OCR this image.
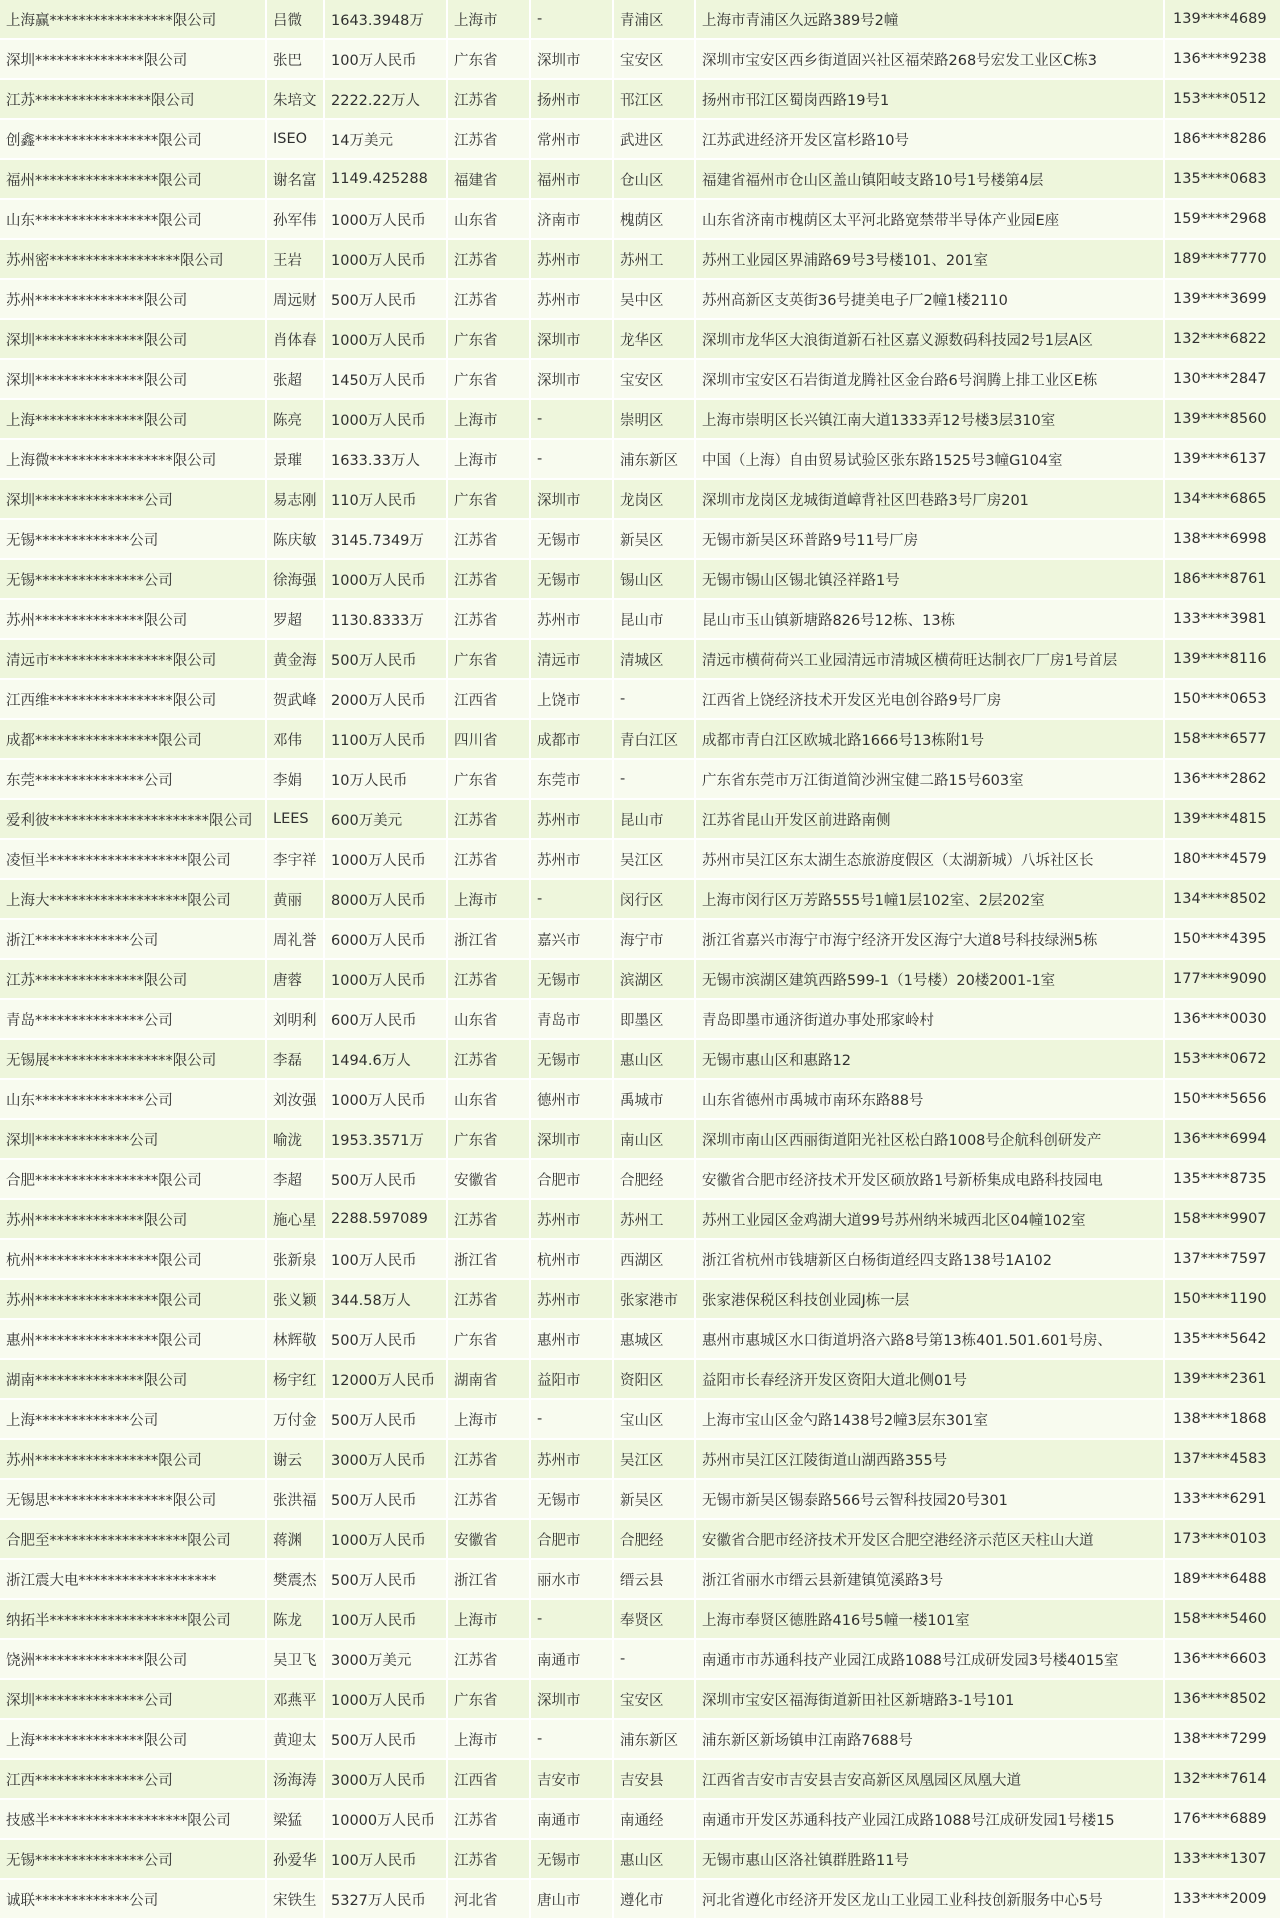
上海赢*****************限公司	吕微	1643.3948万	上海市	-	青浦区	上海市青浦区久远路389号2幢	139****4689
深圳***************限公司	张巴	100万人民币	广东省	深圳市	宝安区	深圳市宝安区西乡街道固兴社区福荣路268号宏发工业区C栋3	136****9238
江苏****************限公司	朱培文	2222.22万人	江苏省	扬州市	邗江区	扬州市邗江区蜀岗西路19号1	153****0512
创鑫*****************限公司	ISEO	14万美元	江苏省	常州市	武进区	江苏武进经济开发区富杉路10号	186****8286
福州*****************限公司	谢名富	1149.425288	福建省	福州市	仓山区	福建省福州市仓山区盖山镇阳岐支路10号1号楼第4层	135****0683
山东*****************限公司	孙军伟	1000万人民币	山东省	济南市	槐荫区	山东省济南市槐荫区太平河北路宽禁带半导体产业园E座	159****2968
苏州密******************限公司	王岩	1000万人民币	江苏省	苏州市	苏州工	苏州工业园区界浦路69号3号楼101、201室	189****7770
苏州***************限公司	周远财	500万人民币	江苏省	苏州市	吴中区	苏州高新区支英街36号捷美电子厂2幢1楼2110	139****3699
深圳***************限公司	肖体春	1000万人民币	广东省	深圳市	龙华区	深圳市龙华区大浪街道新石社区嘉义源数码科技园2号1层A区	132****6822
深圳***************限公司	张超	1450万人民币	广东省	深圳市	宝安区	深圳市宝安区石岩街道龙腾社区金台路6号润腾上排工业区E栋	130****2847
上海***************限公司	陈亮	1000万人民币	上海市	-	崇明区	上海市崇明区长兴镇江南大道1333弄12号楼3层310室	139****8560
上海微*****************限公司	景璀	1633.33万人	上海市	-	浦东新区	中国（上海）自由贸易试验区张东路1525号3幢G104室	139****6137
深圳***************公司	易志刚	110万人民币	广东省	深圳市	龙岗区	深圳市龙岗区龙城街道嶂背社区凹巷路3号厂房201	134****6865
无锡*************公司	陈庆敏	3145.7349万	江苏省	无锡市	新吴区	无锡市新吴区环普路9号11号厂房	138****6998
无锡***************公司	徐海强	1000万人民币	江苏省	无锡市	锡山区	无锡市锡山区锡北镇泾祥路1号	186****8761
苏州***************限公司	罗超	1130.8333万	江苏省	苏州市	昆山市	昆山市玉山镇新塘路826号12栋、13栋	133****3981
清远市*****************限公司	黄金海	500万人民币	广东省	清远市	清城区	清远市横荷荷兴工业园清远市清城区横荷旺达制衣厂厂房1号首层	139****8116
江西维*****************限公司	贺武峰	2000万人民币	江西省	上饶市	-	江西省上饶经济技术开发区光电创谷路9号厂房	150****0653
成都*****************限公司	邓伟	1100万人民币	四川省	成都市	青白江区	成都市青白江区欧城北路1666号13栋附1号	158****6577
东莞***************公司	李娟	10万人民币	广东省	东莞市	-	广东省东莞市万江街道简沙洲宝健二路15号603室	136****2862
爱利彼**********************限公司	LEES	600万美元	江苏省	苏州市	昆山市	江苏省昆山开发区前进路南侧	139****4815
凌恒半*******************限公司	李宇祥	1000万人民币	江苏省	苏州市	吴江区	苏州市吴江区东太湖生态旅游度假区（太湖新城）八坼社区长	180****4579
上海大*******************限公司	黄丽	8000万人民币	上海市	-	闵行区	上海市闵行区万芳路555号1幢1层102室、2层202室	134****8502
浙江*************公司	周礼誉	6000万人民币	浙江省	嘉兴市	海宁市	浙江省嘉兴市海宁市海宁经济开发区海宁大道8号科技绿洲5栋	150****4395
江苏***************限公司	唐蓉	1000万人民币	江苏省	无锡市	滨湖区	无锡市滨湖区建筑西路599-1（1号楼）20楼2001-1室	177****9090
青岛***************公司	刘明利	600万人民币	山东省	青岛市	即墨区	青岛即墨市通济街道办事处邢家岭村	136****0030
无锡展*****************限公司	李磊	1494.6万人	江苏省	无锡市	惠山区	无锡市惠山区和惠路12	153****0672
山东***************公司	刘汝强	1000万人民币	山东省	德州市	禹城市	山东省德州市禹城市南环东路88号	150****5656
深圳*************公司	喻泷	1953.3571万	广东省	深圳市	南山区	深圳市南山区西丽街道阳光社区松白路1008号企航科创研发产	136****6994
合肥*****************限公司	李超	500万人民币	安徽省	合肥市	合肥经	安徽省合肥市经济技术开发区硕放路1号新桥集成电路科技园电	135****8735
苏州***************限公司	施心星	2288.597089	江苏省	苏州市	苏州工	苏州工业园区金鸡湖大道99号苏州纳米城西北区04幢102室	158****9907
杭州*****************限公司	张新泉	100万人民币	浙江省	杭州市	西湖区	浙江省杭州市钱塘新区白杨街道经四支路138号1A102	137****7597
苏州*****************限公司	张义颖	344.58万人	江苏省	苏州市	张家港市	张家港保税区科技创业园J栋一层	150****1190
惠州*****************限公司	林辉敬	500万人民币	广东省	惠州市	惠城区	惠州市惠城区水口街道坍洛六路8号第13栋401.501.601号房、	135****5642
湖南***************限公司	杨宇红	12000万人民币	湖南省	益阳市	资阳区	益阳市长春经济开发区资阳大道北侧01号	139****2361
上海*************公司	万付金	500万人民币	上海市	-	宝山区	上海市宝山区金勺路1438号2幢3层东301室	138****1868
苏州*****************限公司	谢云	3000万人民币	江苏省	苏州市	吴江区	苏州市吴江区江陵街道山湖西路355号	137****4583
无锡思*****************限公司	张洪福	500万人民币	江苏省	无锡市	新吴区	无锡市新吴区锡泰路566号云智科技园20号301	133****6291
合肥至*******************限公司	蒋渊	1000万人民币	安徽省	合肥市	合肥经	安徽省合肥市经济技术开发区合肥空港经济示范区天柱山大道	173****0103
浙江震大电*******************	樊震杰	500万人民币	浙江省	丽水市	缙云县	浙江省丽水市缙云县新建镇笕溪路3号	189****6488
纳拓半*******************限公司	陈龙	100万人民币	上海市	-	奉贤区	上海市奉贤区德胜路416号5幢一楼101室	158****5460
饶洲***************限公司	吴卫飞	3000万美元	江苏省	南通市	-	南通市市苏通科技产业园江成路1088号江成研发园3号楼4015室	136****6603
深圳***************公司	邓燕平	1000万人民币	广东省	深圳市	宝安区	深圳市宝安区福海街道新田社区新塘路3-1号101	136****8502
上海***************限公司	黄迎太	500万人民币	上海市	-	浦东新区	浦东新区新场镇申江南路7688号	138****7299
江西***************公司	汤海涛	3000万人民币	江西省	吉安市	吉安县	江西省吉安市吉安县吉安高新区凤凰园区凤凰大道	132****7614
技感半*******************限公司	梁猛	10000万人民币	江苏省	南通市	南通经	南通市开发区苏通科技产业园江成路1088号江成研发园1号楼15	176****6889
无锡***************公司	孙爱华	100万人民币	江苏省	无锡市	惠山区	无锡市惠山区洛社镇群胜路11号	133****1307
诚联*************公司	宋铁生	5327万人民币	河北省	唐山市	遵化市	河北省遵化市经济开发区龙山工业园工业科技创新服务中心5号	133****2009
